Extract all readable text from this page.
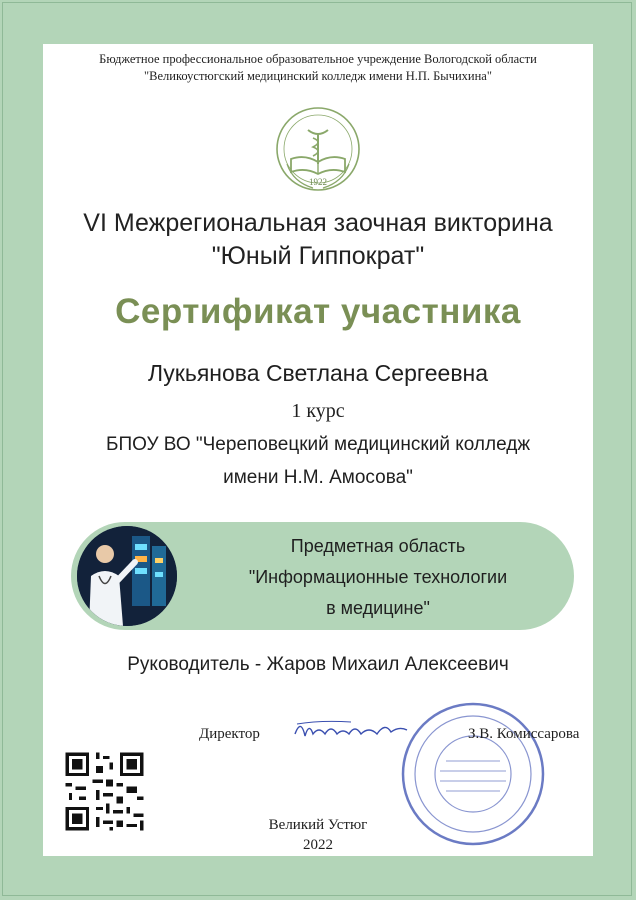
Бюджетное профессиональное образовательное учреждение Вологодской области
"Великоустюгский медицинский колледж имени Н.П. Бычихина"
1922
VI Межрегиональная заочная викторина
"Юный Гиппократ"
Сертификат участника
Лукьянова Светлана Сергеевна
1 курс
БПОУ ВО "Череповецкий медицинский колледж
имени Н.М. Амосова"
Предметная область
"Информационные технологии
в медицине"
Руководитель - Жаров Михаил Алексеевич
Директор	З.В. Комиссарова
Великий Устюг
2022
